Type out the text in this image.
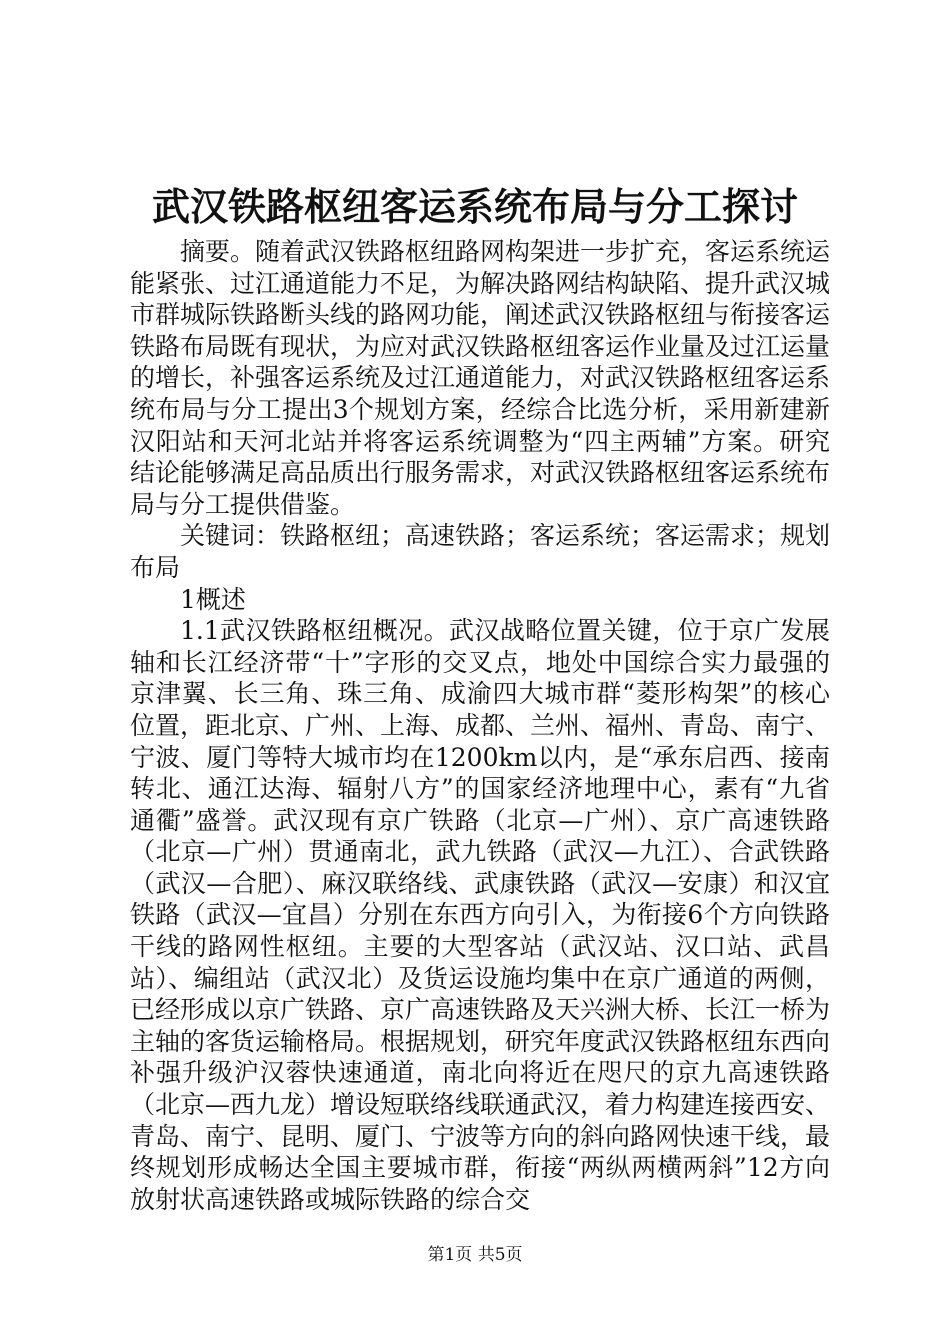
武汉铁路枢纽客运系统布局与分工探讨

摘要。随着武汉铁路枢纽路网构架进一步扩充，客运系统运能紧张、过江通道能力不足，为解决路网结构缺陷、提升武汉城市群城际铁路断头线的路网功能，阐述武汉铁路枢纽与衔接客运铁路布局既有现状，为应对武汉铁路枢纽客运作业量及过江运量的增长，补强客运系统及过江通道能力，对武汉铁路枢纽客运系统布局与分工提出3个规划方案，经综合比选分析，采用新建新汉阳站和天河北站并将客运系统调整为“四主两辅”方案。研究结论能够满足高品质出行服务需求，对武汉铁路枢纽客运系统布局与分工提供借鉴。

关键词：铁路枢纽；高速铁路；客运系统；客运需求；规划布局

1概述

1.1武汉铁路枢纽概况。武汉战略位置关键，位于京广发展轴和长江经济带“十”字形的交叉点，地处中国综合实力最强的京津翼、长三角、珠三角、成渝四大城市群“菱形构架”的核心位置，距北京、广州、上海、成都、兰州、福州、青岛、南宁、宁波、厦门等特大城市均在1200km以内，是“承东启西、接南转北、通江达海、辐射八方”的国家经济地理中心，素有“九省通衢”盛誉。武汉现有京广铁路（北京—广州）、京广高速铁路（北京—广州）贯通南北，武九铁路（武汉—九江）、合武铁路（武汉—合肥）、麻汉联络线、武康铁路（武汉—安康）和汉宜铁路（武汉—宜昌）分别在东西方向引入，为衔接6个方向铁路干线的路网性枢纽。主要的大型客站（武汉站、汉口站、武昌站）、编组站（武汉北）及货运设施均集中在京广通道的两侧，已经形成以京广铁路、京广高速铁路及天兴洲大桥、长江一桥为主轴的客货运输格局。根据规划，研究年度武汉铁路枢纽东西向补强升级沪汉蓉快速通道，南北向将近在咫尺的京九高速铁路（北京—西九龙）增设短联络线联通武汉，着力构建连接西安、青岛、南宁、昆明、厦门、宁波等方向的斜向路网快速干线，最终规划形成畅达全国主要城市群，衔接“两纵两横两斜”12方向放射状高速铁路或城际铁路的综合交

第1页 共5页
